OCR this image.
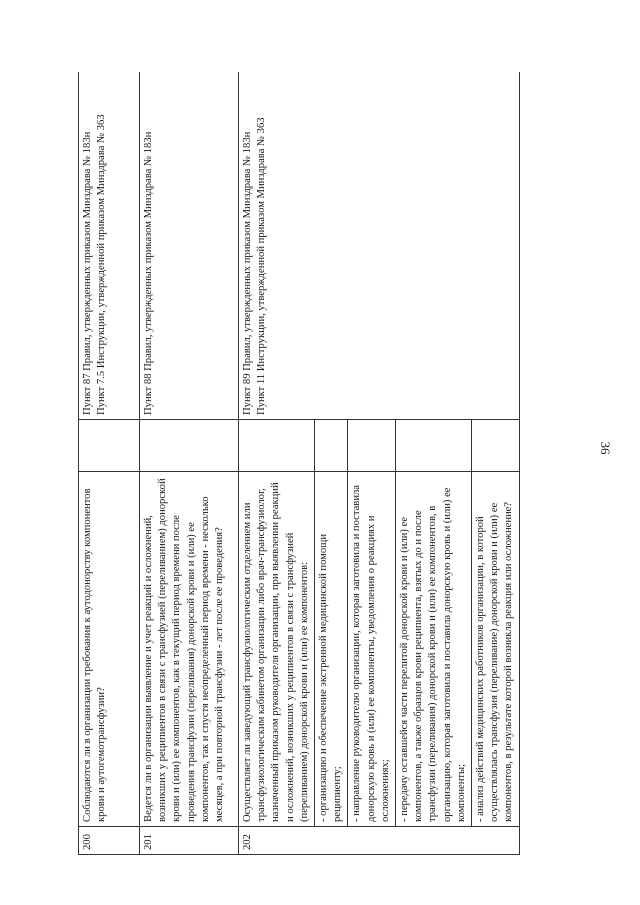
36
200	Соблюдаются ли в организации требования к аутодонорству компонентов крови и аутогемотрансфузии?		Пункт 87 Правил, утвержденных приказом Минздрава № 183н Пункт 7.5 Инструкции, утвержденной приказом Минздрава № 363

201	Ведется ли в организации выявление и учет реакций и осложнений, возникших у реципиентов в связи с трансфузией (переливанием) донорской крови и (или) ее компонентов, как в текущий период времени после проведения трансфузии (переливания) донорской крови и (или) ее компонентов, так и спустя неопределенный период времени - несколько месяцев, а при повторной трансфузии - лет после ее проведения?		Пункт 88 Правил, утвержденных приказом Минздрава № 183н

202	Осуществляет ли заведующий трансфузиологическим отделением или трансфузиологическим кабинетом организации либо врач-трансфузиолог, назначенный приказом руководителя организации, при выявлении реакций и осложнений, возникших у реципиентов в связи с трансфузией (переливанием) донорской крови и (или) ее компонентов:		Пункт 89 Правил, утвержденных приказом Минздрава № 183н Пункт 11 Инструкции, утвержденной приказом Минздрава № 363

	- организацию и обеспечение экстренной медицинской помощи реципиенту;		
	- направление руководителю организации, которая заготовила и поставила донорскую кровь и (или) ее компоненты, уведомления о реакциях и осложнениях;		
	- передачу оставшейся части перелитой донорской крови и (или) ее компонентов, а также образцов крови реципиента, взятых до и после трансфузии (переливания) донорской крови и (или) ее компонентов, в организацию, которая заготовила и поставила донорскую кровь и (или) ее компоненты;		
	- анализ действий медицинских работников организации, в которой осуществлялась трансфузия (переливание) донорской крови и (или) ее компонентов, в результате которой возникла реакция или осложнение?		
